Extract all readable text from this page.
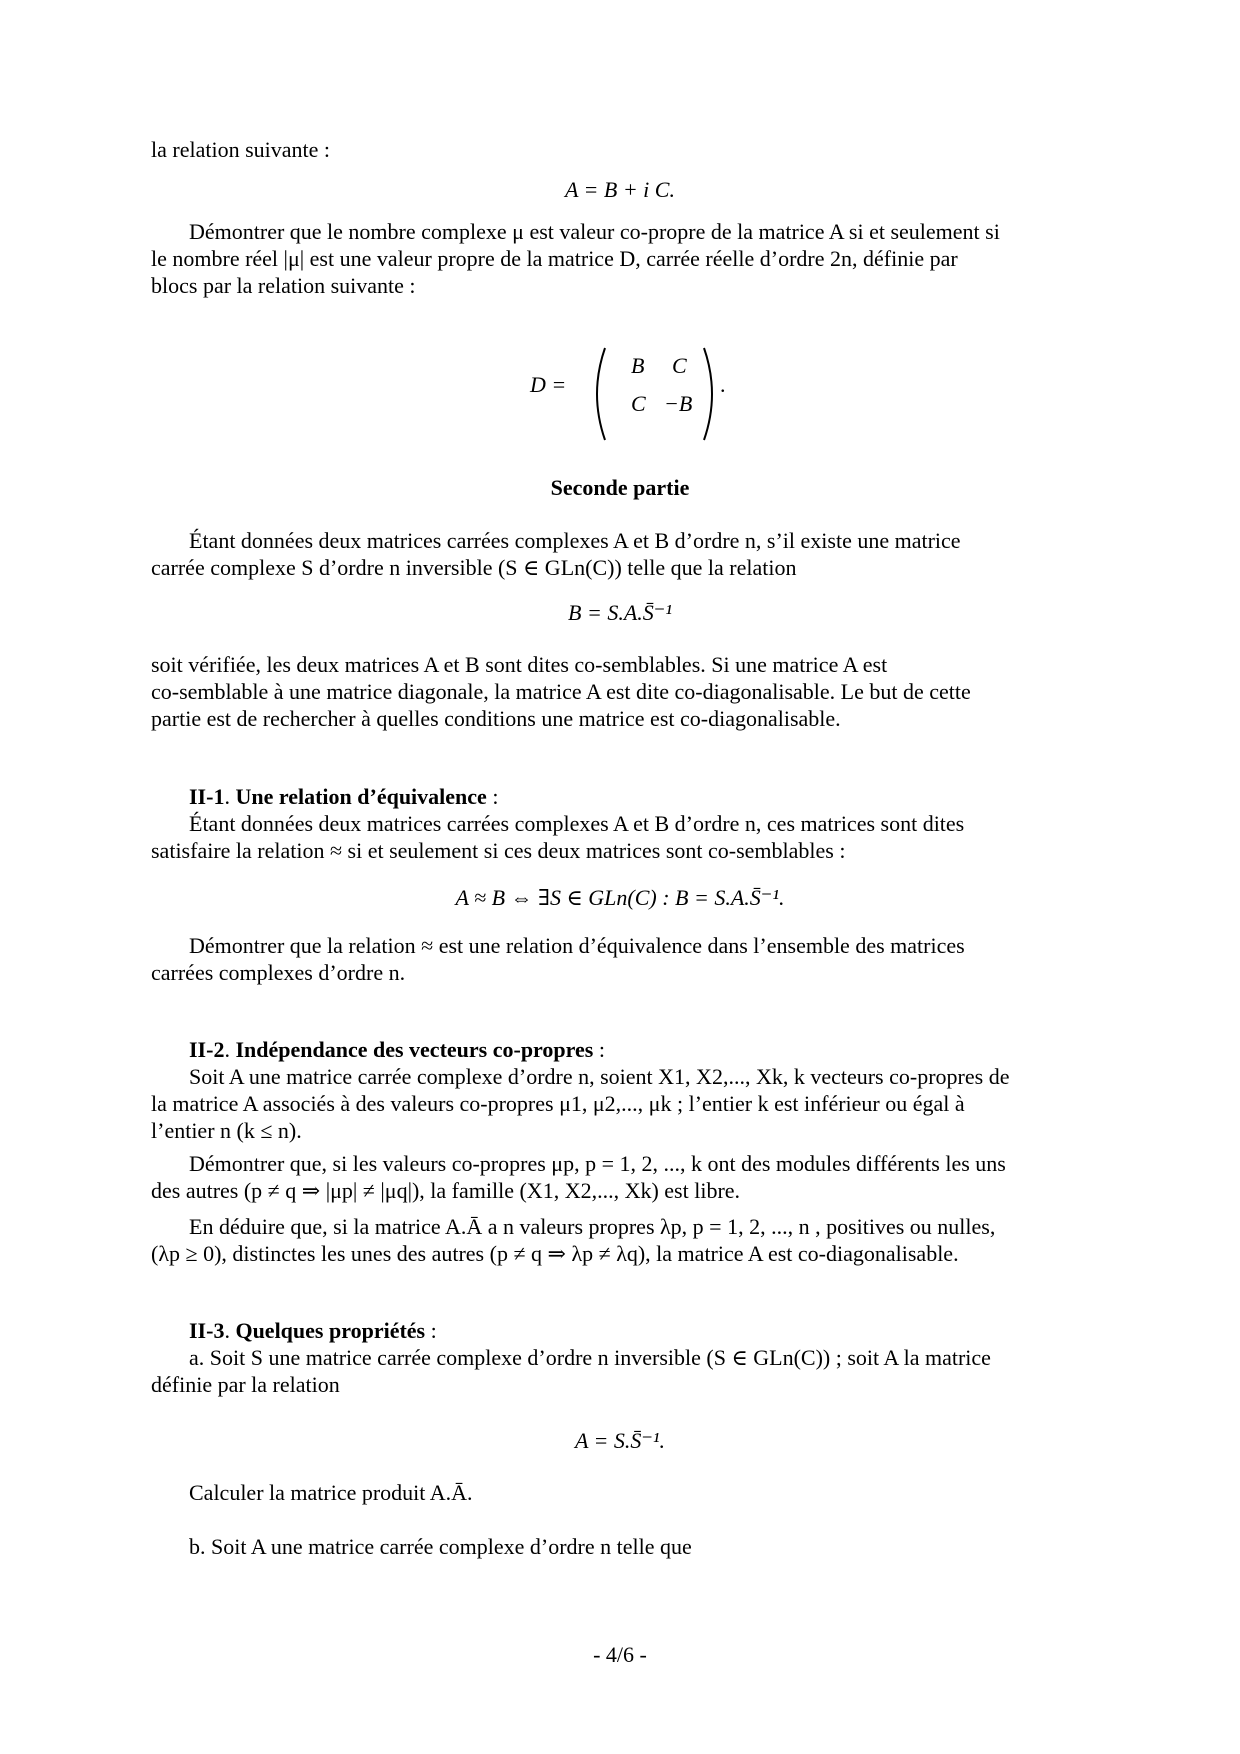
la relation suivante :
A = B + i C.
Démontrer que le nombre complexe μ est valeur co-propre de la matrice A si et seulement si
le nombre réel |μ| est une valeur propre de la matrice D, carrée réelle d’ordre 2n, définie par
blocs par la relation suivante :
D =
B C
C −B
.
Seconde partie
Étant données deux matrices carrées complexes A et B d’ordre n, s’il existe une matrice
carrée complexe S d’ordre n inversible (S ∈ GLn(C)) telle que la relation
B = S.A.S̄⁻¹
soit vérifiée, les deux matrices A et B sont dites co-semblables. Si une matrice A est
co-semblable à une matrice diagonale, la matrice A est dite co-diagonalisable. Le but de cette
partie est de rechercher à quelles conditions une matrice est co-diagonalisable.
II-1. Une relation d’équivalence :
Étant données deux matrices carrées complexes A et B d’ordre n, ces matrices sont dites
satisfaire la relation ≈ si et seulement si ces deux matrices sont co-semblables :
A ≈ B ⇔ ∃S ∈ GLn(C) : B = S.A.S̄⁻¹.
Démontrer que la relation ≈ est une relation d’équivalence dans l’ensemble des matrices
carrées complexes d’ordre n.
II-2. Indépendance des vecteurs co-propres :
Soit A une matrice carrée complexe d’ordre n, soient X1, X2,..., Xk, k vecteurs co-propres de
la matrice A associés à des valeurs co-propres μ1, μ2,..., μk ; l’entier k est inférieur ou égal à
l’entier n (k ≤ n).
Démontrer que, si les valeurs co-propres μp, p = 1, 2, ..., k ont des modules différents les uns
des autres (p ≠ q ⇒ |μp| ≠ |μq|), la famille (X1, X2,..., Xk) est libre.
En déduire que, si la matrice A.Ā a n valeurs propres λp, p = 1, 2, ..., n , positives ou nulles,
(λp ≥ 0), distinctes les unes des autres (p ≠ q ⇒ λp ≠ λq), la matrice A est co-diagonalisable.
II-3. Quelques propriétés :
a. Soit S une matrice carrée complexe d’ordre n inversible (S ∈ GLn(C)) ; soit A la matrice
définie par la relation
A = S.S̄⁻¹.
Calculer la matrice produit A.Ā.
b. Soit A une matrice carrée complexe d’ordre n telle que
- 4/6 -
